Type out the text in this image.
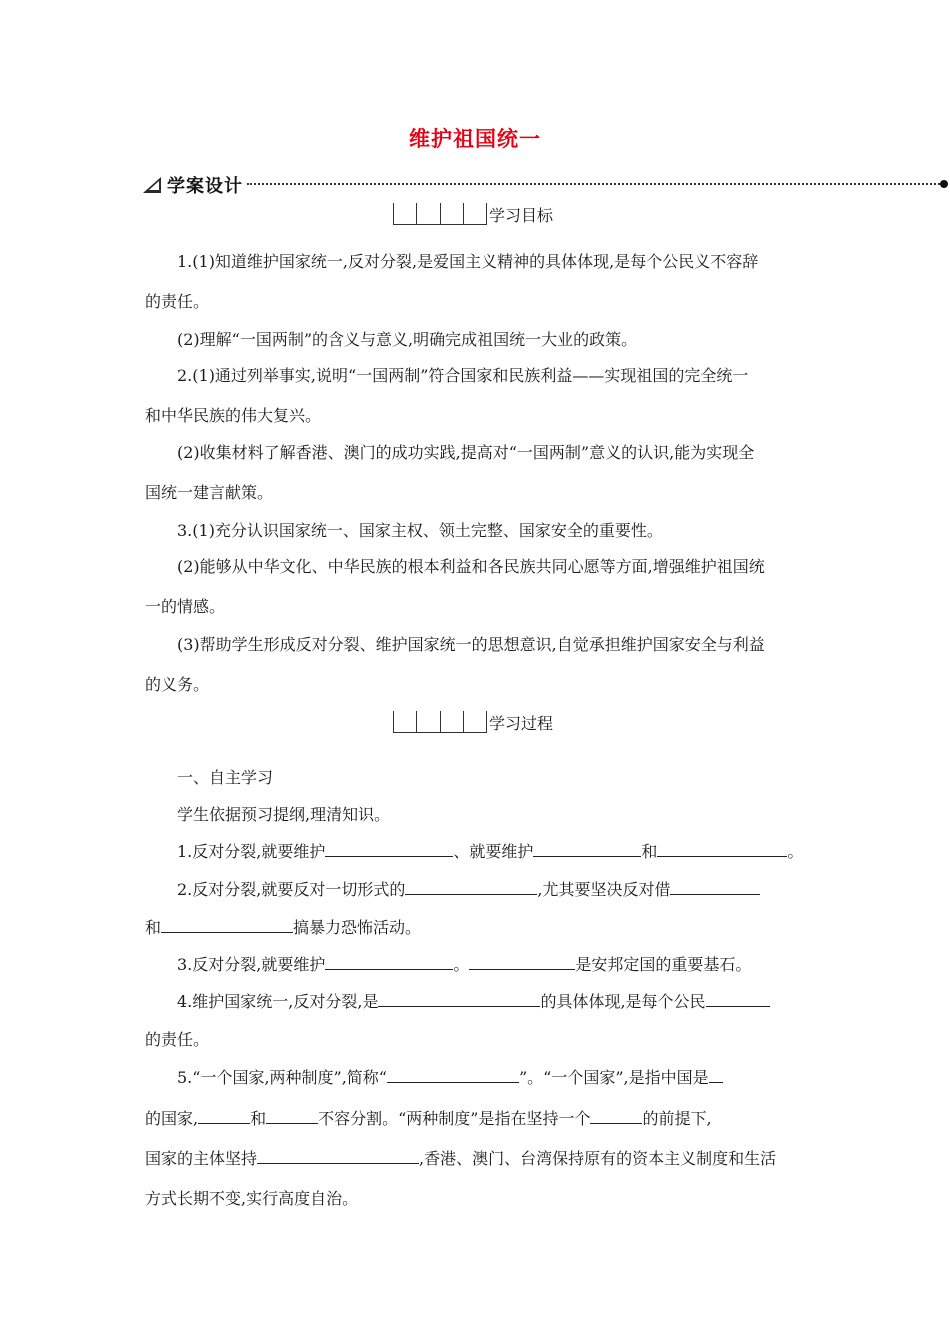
维护祖国统一
学案设计
学习目标
1.(1)知道维护国家统一,反对分裂,是爱国主义精神的具体体现,是每个公民义不容辞
的责任。
(2)理解“一国两制”的含义与意义,明确完成祖国统一大业的政策。
2.(1)通过列举事实,说明“一国两制”符合国家和民族利益——实现祖国的完全统一
和中华民族的伟大复兴。
(2)收集材料了解香港、澳门的成功实践,提高对“一国两制”意义的认识,能为实现全
国统一建言献策。
3.(1)充分认识国家统一、国家主权、领土完整、国家安全的重要性。
(2)能够从中华文化、中华民族的根本利益和各民族共同心愿等方面,增强维护祖国统
一的情感。
(3)帮助学生形成反对分裂、维护国家统一的思想意识,自觉承担维护国家安全与利益
的义务。
学习过程
一、自主学习
学生依据预习提纲,理清知识。
1.反对分裂,就要维护	、就要维护	和	。
2.反对分裂,就要反对一切形式的	,尤其要坚决反对借
和	搞暴力恐怖活动。
3.反对分裂,就要维护	。	是安邦定国的重要基石。
4.维护国家统一,反对分裂,是	的具体体现,是每个公民
的责任。
5.“一个国家,两种制度”,简称“	”。“一个国家”,是指中国是
的国家,	和	不容分割。“两种制度”是指在坚持一个	的前提下,
国家的主体坚持	,香港、澳门、台湾保持原有的资本主义制度和生活
方式长期不变,实行高度自治。
